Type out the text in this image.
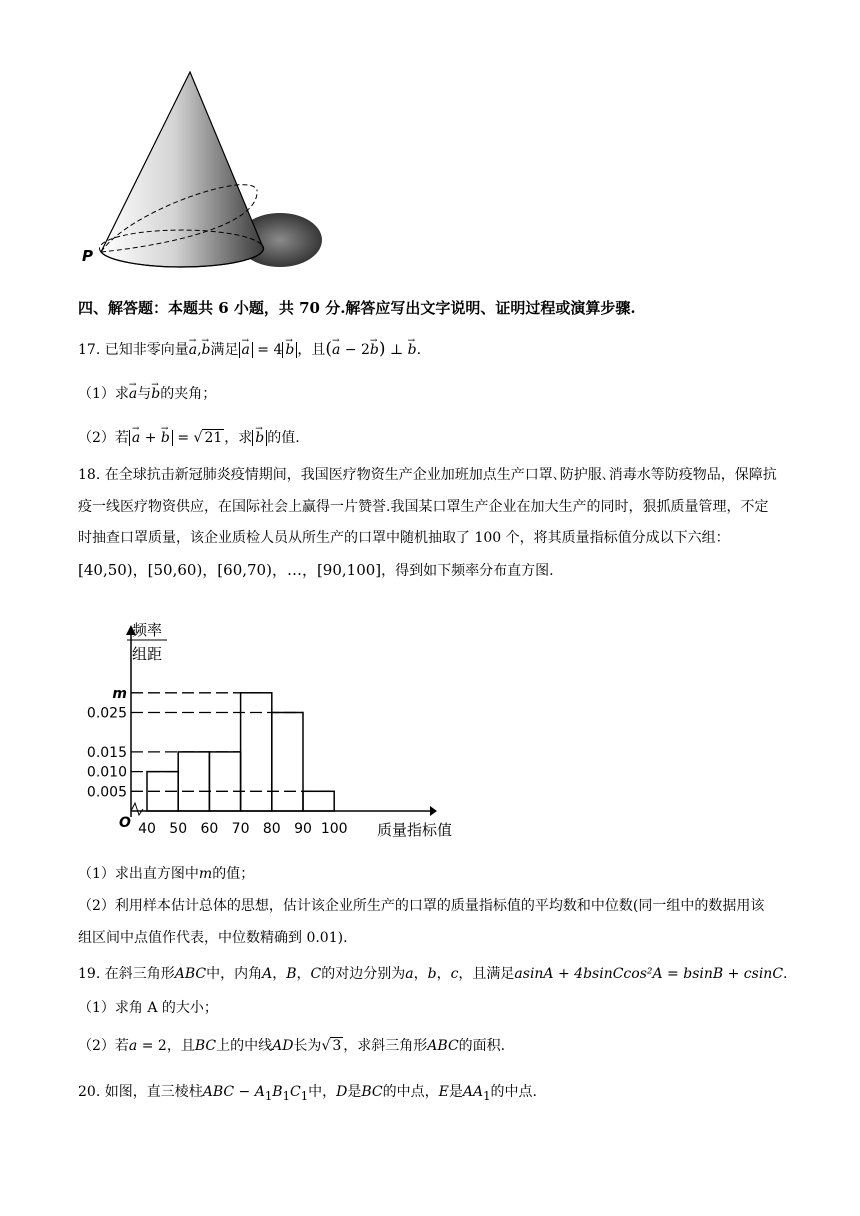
P
四、解答题：本题共 6 小题，共 70 分.解答应写出文字说明、证明过程或演算步骤.
17. 已知非零向量→ a,→ b满足 → a = 4 → b ，且(→ a − 2→ b) ⊥ → b.
（1）求→ a与→ b的夹角；
（2）若 → a + → b = √ 21 ，求 → b 的值.
18. 在全球抗击新冠肺炎疫情期间，我国医疗物资生产企业加班加点生产口罩､防护服､消毒水等防疫物品，保障抗疫一线医疗物资供应，在国际社会上赢得一片赞誉.我国某口罩生产企业在加大生产的同时，狠抓质量管理，不定时抽查口罩质量，该企业质检人员从所生产的口罩中随机抽取了 100 个，将其质量指标值分成以下六组：[40,50)，[50,60)，[60,70)，…，[90,100]，得到如下频率分布直方图.
频率
组距
O
0.005
0.010
0.015
0.025
m
40 50 60 70 80 90 100 质量指标值
（1）求出直方图中m的值；
（2）利用样本估计总体的思想，估计该企业所生产的口罩的质量指标值的平均数和中位数(同一组中的数据用该组区间中点值作代表，中位数精确到 0.01).
19. 在斜三角形ABC中，内角A，B，C的对边分别为a，b，c，且满足asinA + 4bsinCcos²A = bsinB + csinC.
（1）求角 A 的大小；
（2）若a = 2，且BC上的中线AD长为√ 3 ，求斜三角形ABC的面积.
20. 如图，直三棱柱ABC − $A_1B_1C_1$中，D是BC的中点，E是$AA_1$的中点.
